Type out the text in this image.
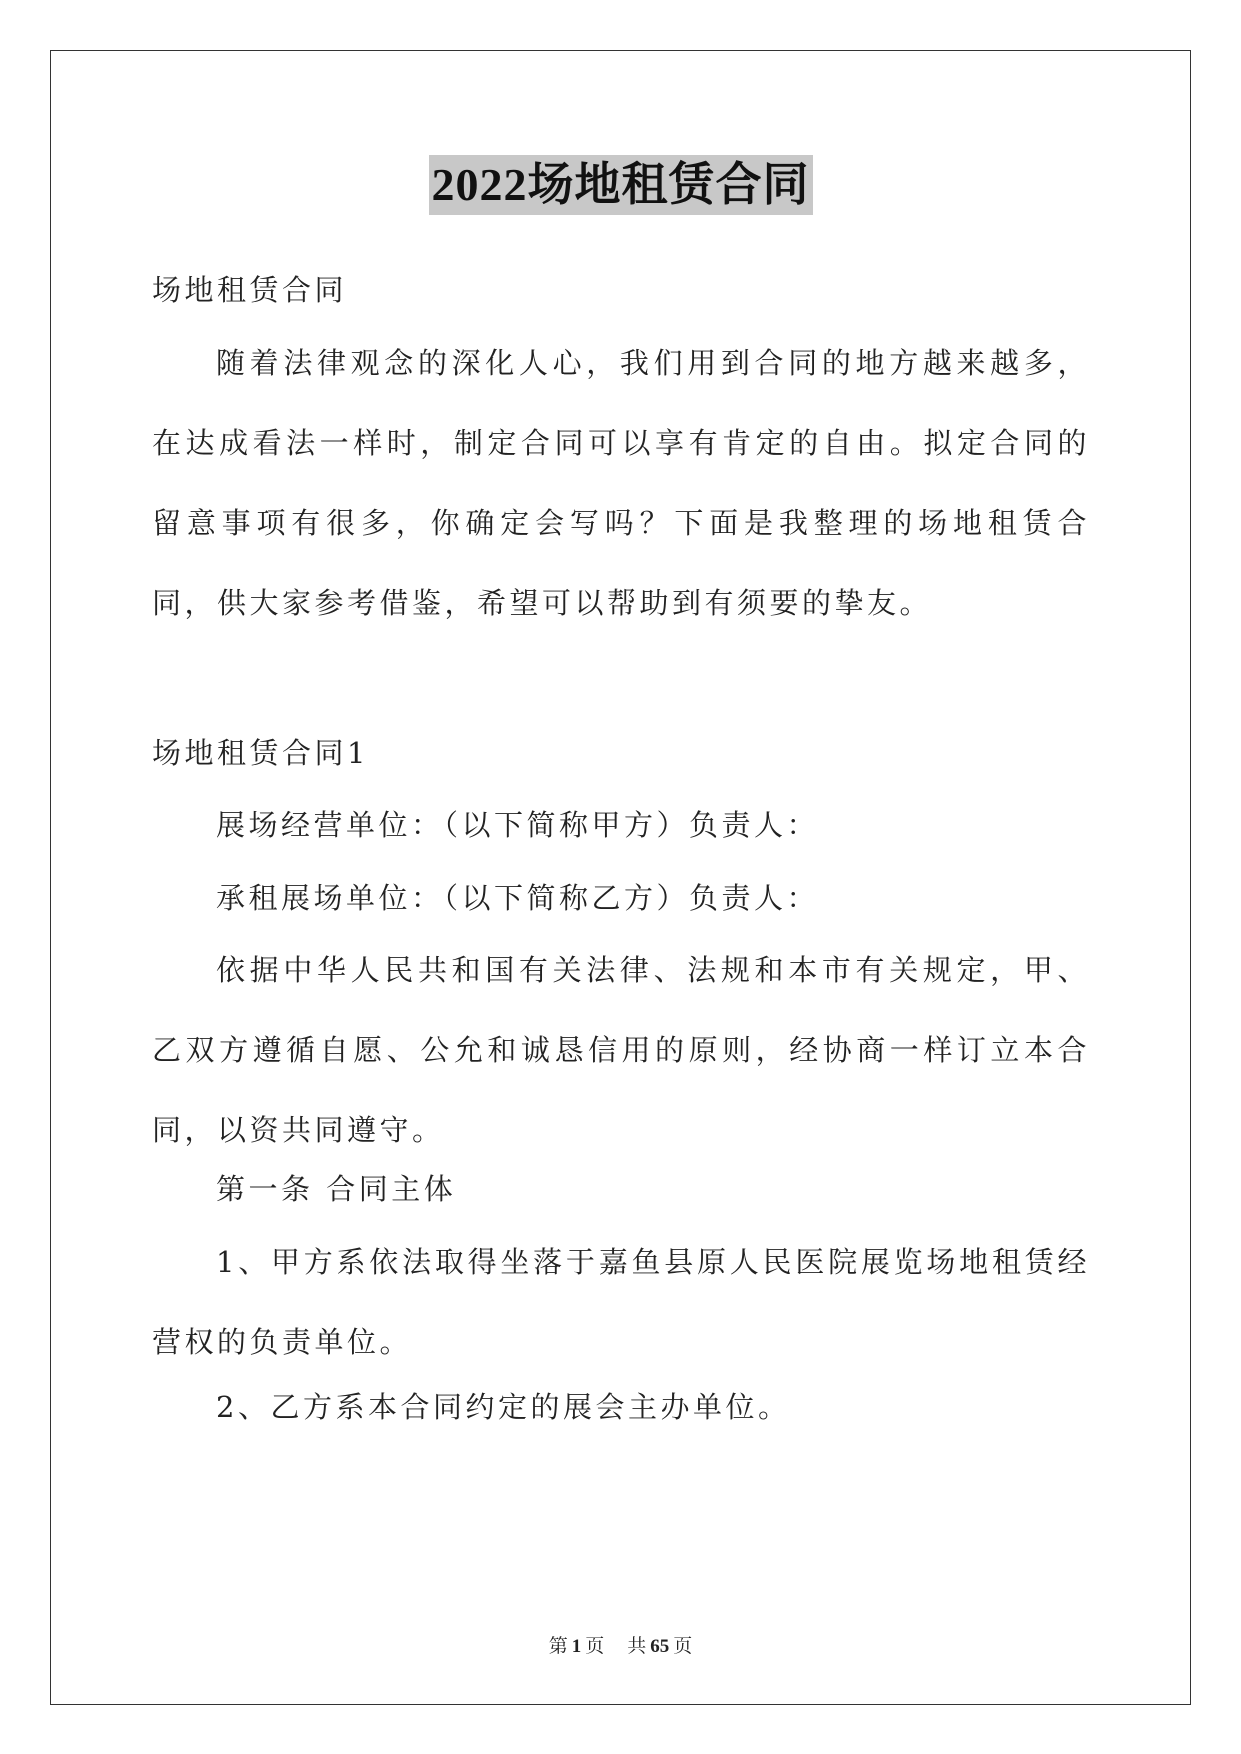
2022场地租赁合同
场地租赁合同
随着法律观念的深化人心，我们用到合同的地方越来越多，在达成看法一样时，制定合同可以享有肯定的自由。拟定合同的留意事项有很多，你确定会写吗？下面是我整理的场地租赁合同，供大家参考借鉴，希望可以帮助到有须要的挚友。
场地租赁合同1
展场经营单位：（以下简称甲方）负责人：
承租展场单位：（以下简称乙方）负责人：
依据中华人民共和国有关法律、法规和本市有关规定，甲、乙双方遵循自愿、公允和诚恳信用的原则，经协商一样订立本合同，以资共同遵守。
第一条 合同主体
1、甲方系依法取得坐落于嘉鱼县原人民医院展览场地租赁经营权的负责单位。
2、乙方系本合同约定的展会主办单位。
第 1 页 共 65 页
